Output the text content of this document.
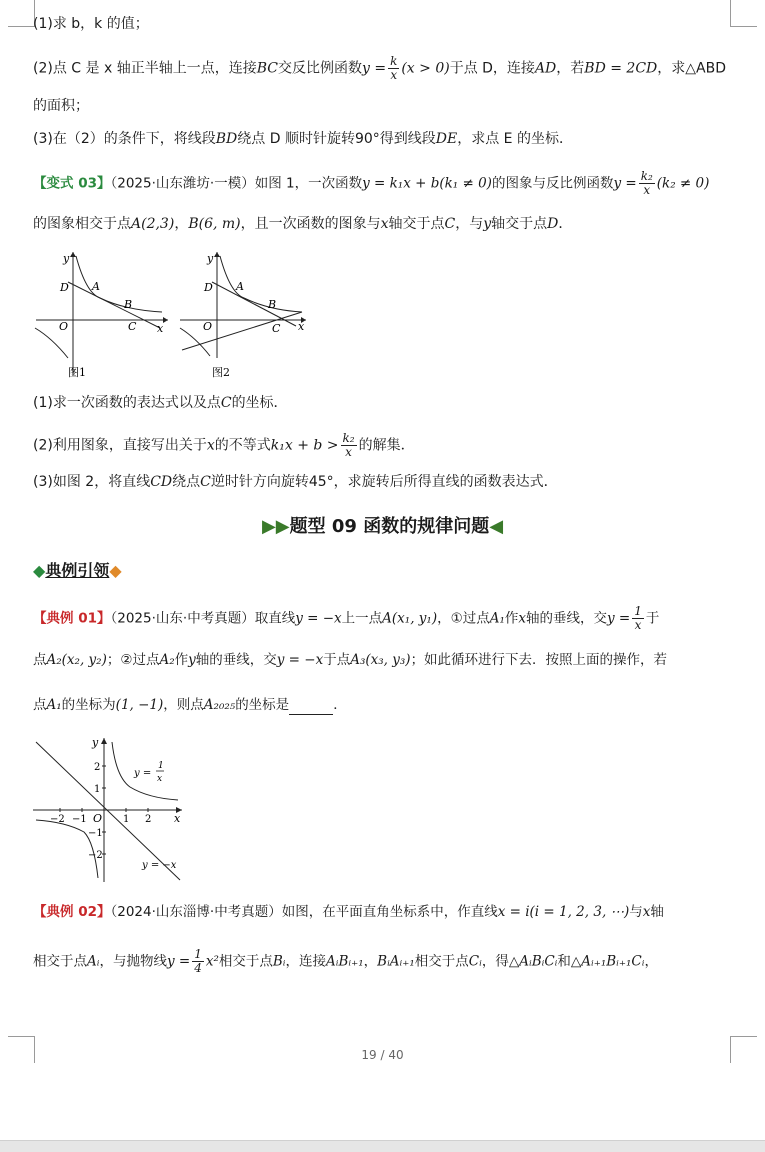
(1)求 b，k 的值；
(2)点 C 是 x 轴正半轴上一点，连接BC交反比例函数$y = \frac{k}{x} (x > 0)$于点 D，连接AD，若BD = 2CD，求△ABD
的面积；
(3)在（2）的条件下，将线段BD绕点 D 顺时针旋转90°得到线段DE，求点 E 的坐标．
【变式 03】（2025·山东潍坊·一模）如图 1，一次函数y = k₁x + b(k₁ ≠ 0)的图象与反比例函数$y = \frac{\text{k₂}}{x} (k_2 \ne 0)$
的图象相交于点A(2,3)，B(6, m)，且一次函数的图象与x轴交于点C，与y轴交于点D．
y
x
O
D A
B
C
图1
y
x
O
D A
B
C
图2
(1)求一次函数的表达式以及点C的坐标．
(2)利用图象，直接写出关于x的不等式$k_1x + b > \frac{\text{k₂}}{x}$ 的解集．
(3)如图 2，将直线CD绕点C逆时针方向旋转45°，求旋转后所得直线的函数表达式．
▶▶题型 09 函数的规律问题◀
◆典例引领◆
【典例 01】（2025·山东·中考真题）取直线y = −x上一点A(x₁, y₁)，①过点A₁作x轴的垂线，交$y = \frac{1}{x}$ 于
点A₂(x₂, y₂)；②过点A₂作y轴的垂线，交y = −x于点A₃(x₃, y₃)；如此循环进行下去．按照上面的操作，若
点A₁的坐标为(1, −1)，则点A₂₀₂₅的坐标是	．
y
x
O
2
1
−1
−2
1 2
−1
−2
y =
1
x
y = −x
【典例 02】（2024·山东淄博·中考真题）如图，在平面直角坐标系中，作直线x = i(i = 1, 2, 3, ⋯)与x轴
相交于点Aᵢ，与抛物线$y = \frac{1}{4} x^2$相交于点Bᵢ，连接AᵢBᵢ₊₁，BᵢAᵢ₊₁相交于点Cᵢ，得△AᵢBᵢCᵢ和△Aᵢ₊₁Bᵢ₊₁Cᵢ，
19 / 40
